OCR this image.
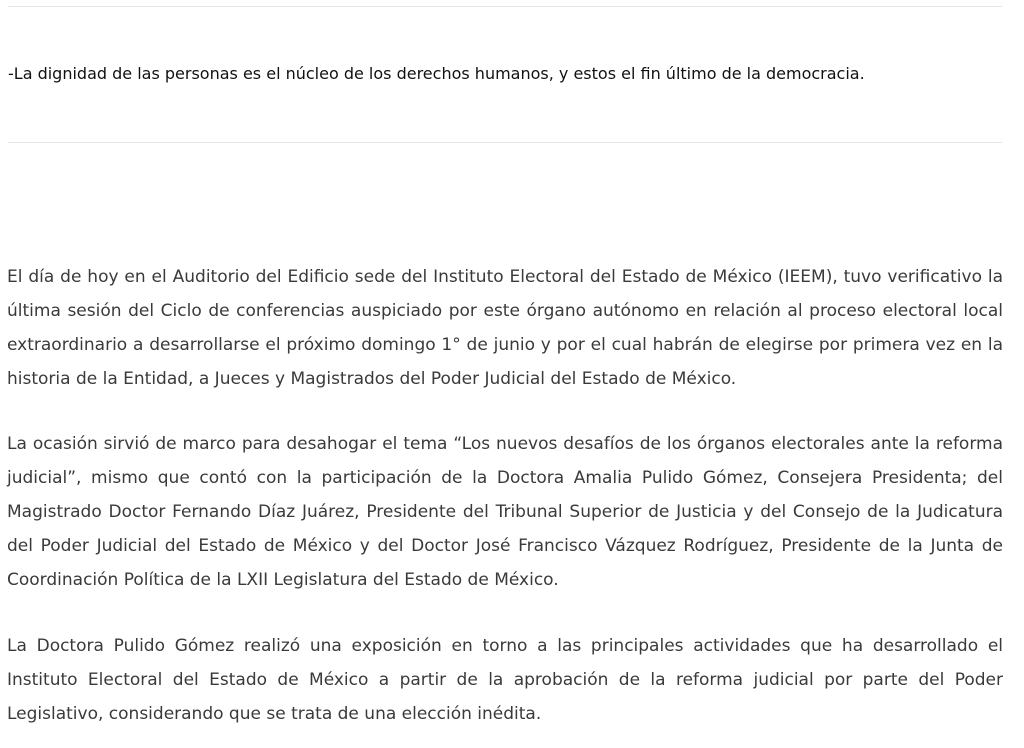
-La dignidad de las personas es el núcleo de los derechos humanos, y estos el fin último de la democracia.

El día de hoy en el Auditorio del Edificio sede del Instituto Electoral del Estado de México (IEEM), tuvo verificativo la última sesión del Ciclo de conferencias auspiciado por este órgano autónomo en relación al proceso electoral local extraordinario a desarrollarse el próximo domingo 1° de junio y por el cual habrán de elegirse por primera vez en la historia de la Entidad, a Jueces y Magistrados del Poder Judicial del Estado de México.

La ocasión sirvió de marco para desahogar el tema “Los nuevos desafíos de los órganos electorales ante la reforma judicial”, mismo que contó con la participación de la Doctora Amalia Pulido Gómez, Consejera Presidenta; del Magistrado Doctor Fernando Díaz Juárez, Presidente del Tribunal Superior de Justicia y del Consejo de la Judicatura del Poder Judicial del Estado de México y del Doctor José Francisco Vázquez Rodríguez, Presidente de la Junta de Coordinación Política de la LXII Legislatura del Estado de México.

La Doctora Pulido Gómez realizó una exposición en torno a las principales actividades que ha desarrollado el Instituto Electoral del Estado de México a partir de la aprobación de la reforma judicial por parte del Poder Legislativo, considerando que se trata de una elección inédita.
